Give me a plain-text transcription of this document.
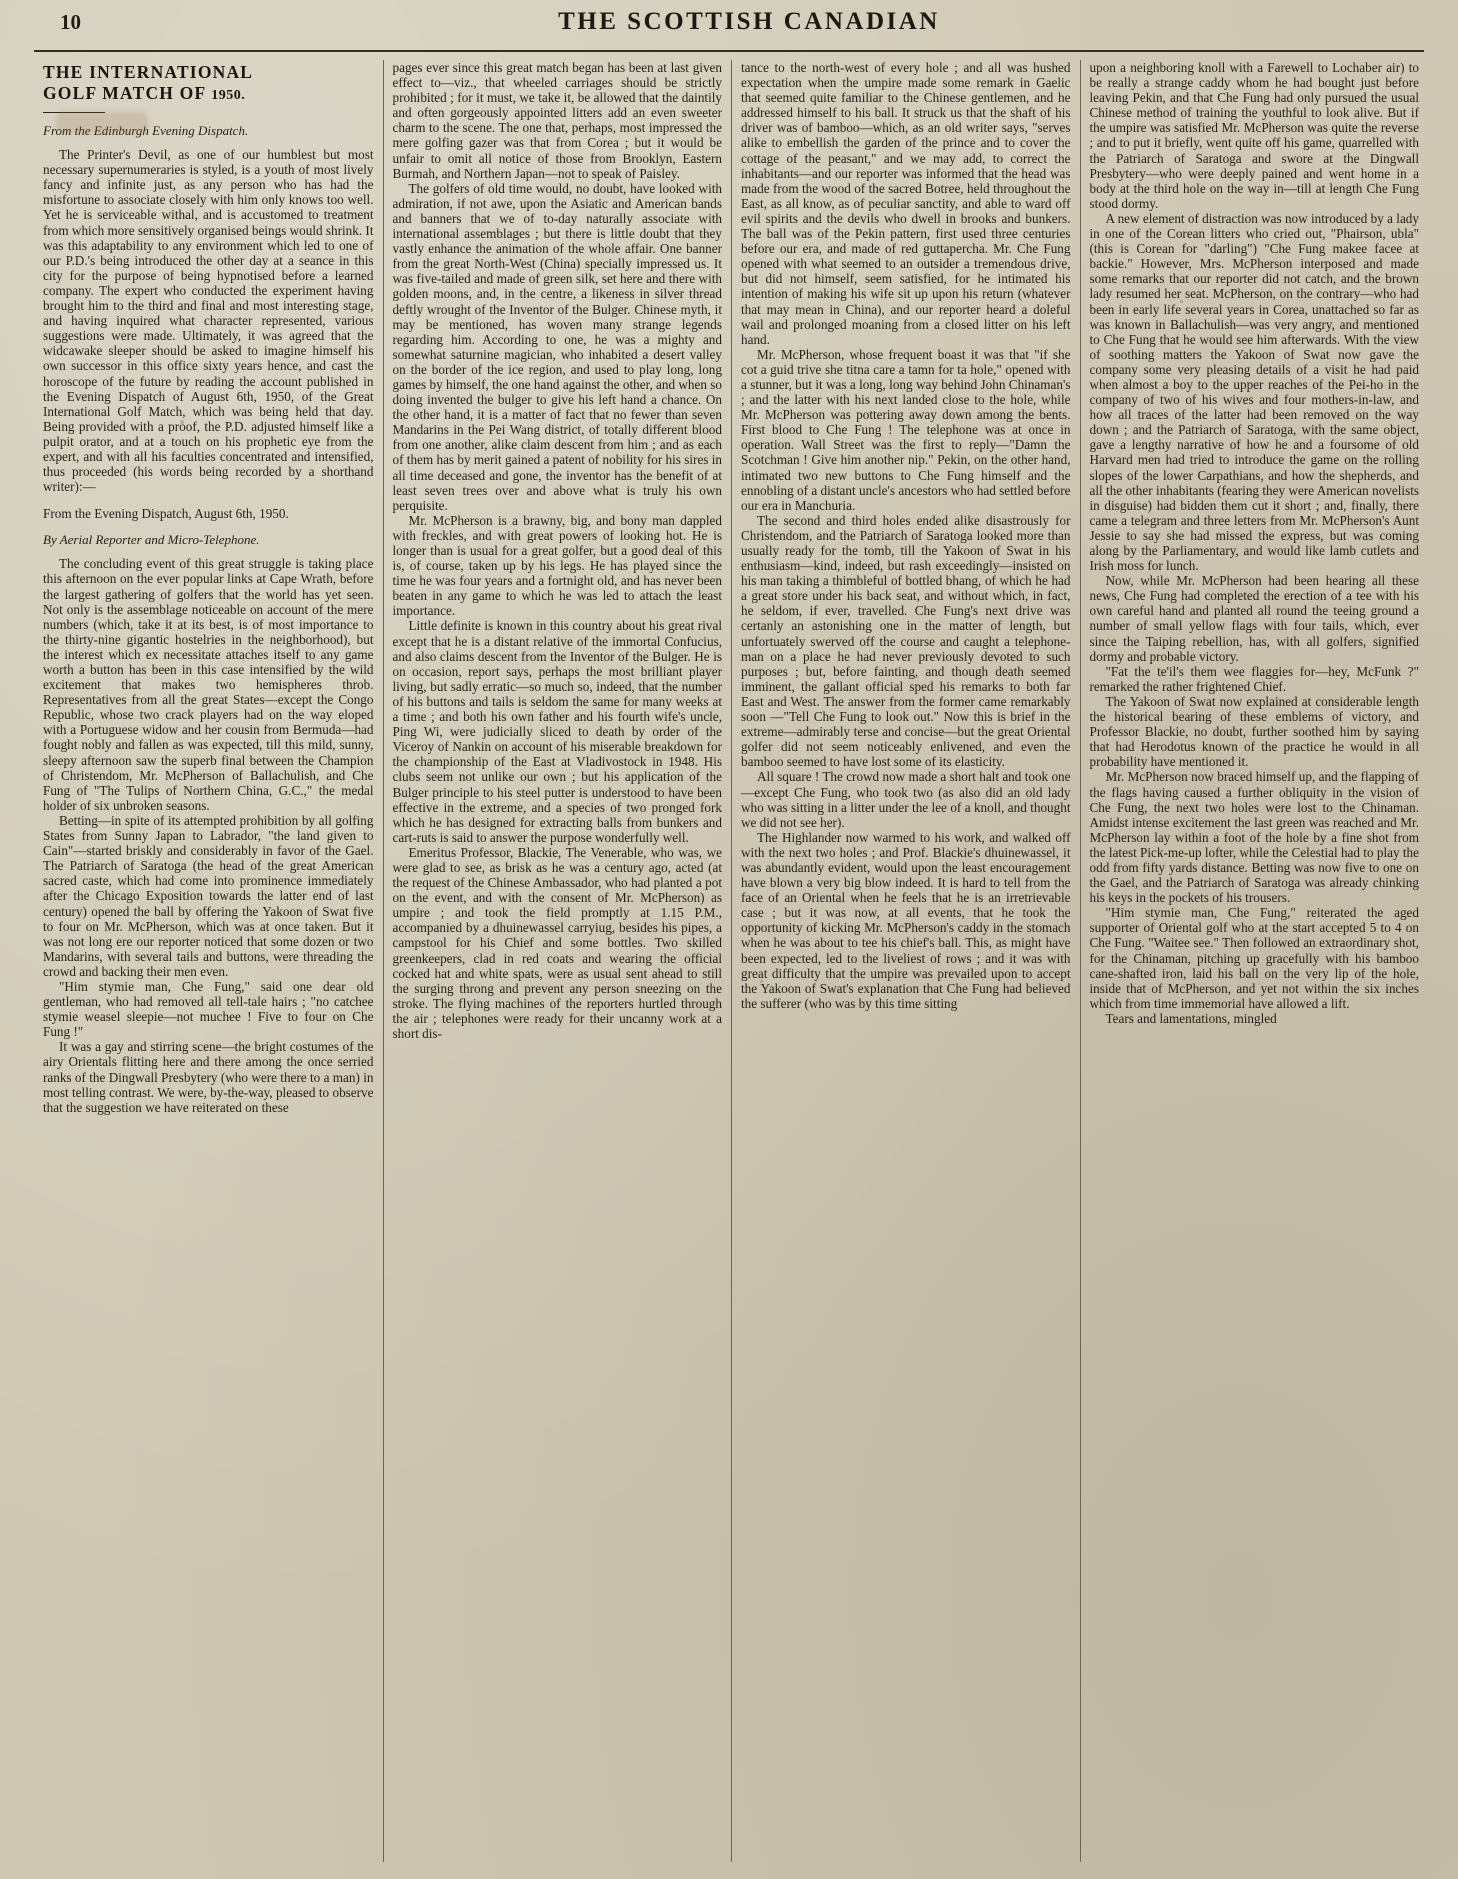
10	THE SCOTTISH CANADIAN
THE INTERNATIONAL
GOLF MATCH OF 1950.
From the Edinburgh Evening Dispatch.

The Printer's Devil, as one of our humblest but most necessary supernumeraries is styled, is a youth of most lively fancy and infinite just, as any person who has had the misfortune to associate closely with him only knows too well. Yet he is serviceable withal, and is accustomed to treatment from which more sensitively organised beings would shrink. It was this adaptability to any environment which led to one of our P.D.'s being introduced the other day at a seance in this city for the purpose of being hypnotised before a learned company. The expert who conducted the experiment having brought him to the third and final and most interesting stage, and having inquired what character represented, various suggestions were made. Ultimately, it was agreed that the widcawake sleeper should be asked to imagine himself his own successor in this office sixty years hence, and cast the horoscope of the future by reading the account published in the Evening Dispatch of August 6th, 1950, of the Great International Golf Match, which was being held that day. Being provided with a proof, the P.D. adjusted himself like a pulpit orator, and at a touch on his prophetic eye from the expert, and with all his faculties concentrated and intensified, thus proceeded (his words being recorded by a shorthand writer):—

From the Evening Dispatch, August 6th, 1950.
By Aerial Reporter and Micro-Telephone.

The concluding event of this great struggle is taking place this afternoon on the ever popular links at Cape Wrath, before the largest gathering of golfers that the world has yet seen. Not only is the assemblage noticeable on account of the mere numbers (which, take it at its best, is of most importance to the thirty-nine gigantic hostelries in the neighborhood), but the interest which ex necessitate attaches itself to any game worth a button has been in this case intensified by the wild excitement that makes two hemispheres throb. Representatives from all the great States—except the Congo Republic, whose two crack players had on the way eloped with a Portuguese widow and her cousin from Bermuda—had fought nobly and fallen as was expected, till this mild, sunny, sleepy afternoon saw the superb final between the Champion of Christendom, Mr. McPherson of Ballachulish, and Che Fung of "The Tulips of Northern China, G.C.," the medal holder of six unbroken seasons.

Betting—in spite of its attempted prohibition by all golfing States from Sunny Japan to Labrador, "the land given to Cain"—started briskly and considerably in favor of the Gael. The Patriarch of Saratoga (the head of the great American sacred caste, which had come into prominence immediately after the Chicago Exposition towards the latter end of last century) opened the ball by offering the Yakoon of Swat five to four on Mr. McPherson, which was at once taken. But it was not long ere our reporter noticed that some dozen or two Mandarins, with several tails and buttons, were threading the crowd and backing their men even.

"Him stymie man, Che Fung," said one dear old gentleman, who had removed all tell-tale hairs ; "no catchee stymie weasel sleepie—not muchee ! Five to four on Che Fung !"

It was a gay and stirring scene—the bright costumes of the airy Orientals flitting here and there among the once serried ranks of the Dingwall Presbytery (who were there to a man) in most telling contrast. We were, by-the-way, pleased to observe that the suggestion we have reiterated on these

pages ever since this great match began has been at last given effect to—viz., that wheeled carriages should be strictly prohibited ; for it must, we take it, be allowed that the daintily and often gorgeously appointed litters add an even sweeter charm to the scene. The one that, perhaps, most impressed the mere golfing gazer was that from Corea ; but it would be unfair to omit all notice of those from Brooklyn, Eastern Burmah, and Northern Japan—not to speak of Paisley.

The golfers of old time would, no doubt, have looked with admiration, if not awe, upon the Asiatic and American bands and banners that we of to-day naturally associate with international assemblages ; but there is little doubt that they vastly enhance the animation of the whole affair. One banner from the great North-West (China) specially impressed us. It was five-tailed and made of green silk, set here and there with golden moons, and, in the centre, a likeness in silver thread deftly wrought of the Inventor of the Bulger. Chinese myth, it may be mentioned, has woven many strange legends regarding him. According to one, he was a mighty and somewhat saturnine magician, who inhabited a desert valley on the border of the ice region, and used to play long, long games by himself, the one hand against the other, and when so doing invented the bulger to give his left hand a chance. On the other hand, it is a matter of fact that no fewer than seven Mandarins in the Pei Wang district, of totally different blood from one another, alike claim descent from him ; and as each of them has by merit gained a patent of nobility for his sires in all time deceased and gone, the inventor has the benefit of at least seven trees over and above what is truly his own perquisite.

Mr. McPherson is a brawny, big, and bony man dappled with freckles, and with great powers of looking hot. He is longer than is usual for a great golfer, but a good deal of this is, of course, taken up by his legs. He has played since the time he was four years and a fortnight old, and has never been beaten in any game to which he was led to attach the least importance.

Little definite is known in this country about his great rival except that he is a distant relative of the immortal Confucius, and also claims descent from the Inventor of the Bulger. He is on occasion, report says, perhaps the most brilliant player living, but sadly erratic—so much so, indeed, that the number of his buttons and tails is seldom the same for many weeks at a time ; and both his own father and his fourth wife's uncle, Ping Wi, were judicially sliced to death by order of the Viceroy of Nankin on account of his miserable breakdown for the championship of the East at Vladivostock in 1948. His clubs seem not unlike our own ; but his application of the Bulger principle to his steel putter is understood to have been effective in the extreme, and a species of two pronged fork which he has designed for extracting balls from bunkers and cart-ruts is said to answer the purpose wonderfully well.

Emeritus Professor, Blackie, The Venerable, who was, we were glad to see, as brisk as he was a century ago, acted (at the request of the Chinese Ambassador, who had planted a pot on the event, and with the consent of Mr. McPherson) as umpire ; and took the field promptly at 1.15 P.M., accompanied by a dhuinewassel carryiug, besides his pipes, a campstool for his Chief and some bottles. Two skilled greenkeepers, clad in red coats and wearing the official cocked hat and white spats, were as usual sent ahead to still the surging throng and prevent any person sneezing on the stroke. The flying machines of the reporters hurtled through the air ; telephones were ready for their uncanny work at a short dis-

tance to the north-west of every hole ; and all was hushed expectation when the umpire made some remark in Gaelic that seemed quite familiar to the Chinese gentlemen, and he addressed himself to his ball. It struck us that the shaft of his driver was of bamboo—which, as an old writer says, "serves alike to embellish the garden of the prince and to cover the cottage of the peasant," and we may add, to correct the inhabitants—and our reporter was informed that the head was made from the wood of the sacred Botree, held throughout the East, as all know, as of peculiar sanctity, and able to ward off evil spirits and the devils who dwell in brooks and bunkers. The ball was of the Pekin pattern, first used three centuries before our era, and made of red guttapercha. Mr. Che Fung opened with what seemed to an outsider a tremendous drive, but did not himself, seem satisfied, for he intimated his intention of making his wife sit up upon his return (whatever that may mean in China), and our reporter heard a doleful wail and prolonged moaning from a closed litter on his left hand.

Mr. McPherson, whose frequent boast it was that "if she cot a guid trive she titna care a tamn for ta hole," opened with a stunner, but it was a long, long way behind John Chinaman's ; and the latter with his next landed close to the hole, while Mr. McPherson was pottering away down among the bents. First blood to Che Fung ! The telephone was at once in operation. Wall Street was the first to reply—"Damn the Scotchman ! Give him another nip." Pekin, on the other hand, intimated two new buttons to Che Fung himself and the ennobling of a distant uncle's ancestors who had settled before our era in Manchuria.

The second and third holes ended alike disastrously for Christendom, and the Patriarch of Saratoga looked more than usually ready for the tomb, till the Yakoon of Swat in his enthusiasm—kind, indeed, but rash exceedingly—insisted on his man taking a thimbleful of bottled bhang, of which he had a great store under his back seat, and without which, in fact, he seldom, if ever, travelled. Che Fung's next drive was certanly an astonishing one in the matter of length, but unfortuately swerved off the course and caught a telephone-man on a place he had never previously devoted to such purposes ; but, before fainting, and though death seemed imminent, the gallant official sped his remarks to both far East and West. The answer from the former came remarkably soon —"Tell Che Fung to look out." Now this is brief in the extreme—admirably terse and concise—but the great Oriental golfer did not seem noticeably enlivened, and even the bamboo seemed to have lost some of its elasticity.

All square ! The crowd now made a short halt and took one—except Che Fung, who took two (as also did an old lady who was sitting in a litter under the lee of a knoll, and thought we did not see her).

The Highlander now warmed to his work, and walked off with the next two holes ; and Prof. Blackie's dhuinewassel, it was abundantly evident, would upon the least encouragement have blown a very big blow indeed. It is hard to tell from the face of an Oriental when he feels that he is an irretrievable case ; but it was now, at all events, that he took the opportunity of kicking Mr. McPherson's caddy in the stomach when he was about to tee his chief's ball. This, as might have been expected, led to the liveliest of rows ; and it was with great difficulty that the umpire was prevailed upon to accept the Yakoon of Swat's explanation that Che Fung had believed the sufferer (who was by this time sitting

upon a neighboring knoll with a Farewell to Lochaber air) to be really a strange caddy whom he had bought just before leaving Pekin, and that Che Fung had only pursued the usual Chinese method of training the youthful to look alive. But if the umpire was satisfied Mr. McPherson was quite the reverse ; and to put it briefly, went quite off his game, quarrelled with the Patriarch of Saratoga and swore at the Dingwall Presbytery—who were deeply pained and went home in a body at the third hole on the way in—till at length Che Fung stood dormy.

A new element of distraction was now introduced by a lady in one of the Corean litters who cried out, "Phairson, ubla" (this is Corean for "darling") "Che Fung makee facee at backie." However, Mrs. McPherson interposed and made some remarks that our reporter did not catch, and the brown lady resumed her seat. McPherson, on the contrary—who had been in early life several years in Corea, unattached so far as was known in Ballachulish—was very angry, and mentioned to Che Fung that he would see him afterwards. With the view of soothing matters the Yakoon of Swat now gave the company some very pleasing details of a visit he had paid when almost a boy to the upper reaches of the Pei-ho in the company of two of his wives and four mothers-in-law, and how all traces of the latter had been removed on the way down ; and the Patriarch of Saratoga, with the same object, gave a lengthy narrative of how he and a foursome of old Harvard men had tried to introduce the game on the rolling slopes of the lower Carpathians, and how the shepherds, and all the other inhabitants (fearing they were American novelists in disguise) had bidden them cut it short ; and, finally, there came a telegram and three letters from Mr. McPherson's Aunt Jessie to say she had missed the express, but was coming along by the Parliamentary, and would like lamb cutlets and Irish moss for lunch.

Now, while Mr. McPherson had been hearing all these news, Che Fung had completed the erection of a tee with his own careful hand and planted all round the teeing ground a number of small yellow flags with four tails, which, ever since the Taiping rebellion, has, with all golfers, signified dormy and probable victory.

"Fat the te'il's them wee flaggies for—hey, McFunk ?" remarked the rather frightened Chief.

The Yakoon of Swat now explained at considerable length the historical bearing of these emblems of victory, and Professor Blackie, no doubt, further soothed him by saying that had Herodotus known of the practice he would in all probability have mentioned it.

Mr. McPherson now braced himself up, and the flapping of the flags having caused a further obliquity in the vision of Che Fung, the next two holes were lost to the Chinaman. Amidst intense excitement the last green was reached and Mr. McPherson lay within a foot of the hole by a fine shot from the latest Pick-me-up lofter, while the Celestial had to play the odd from fifty yards distance. Betting was now five to one on the Gael, and the Patriarch of Saratoga was already chinking his keys in the pockets of his trousers.

"Him stymie man, Che Fung," reiterated the aged supporter of Oriental golf who at the start accepted 5 to 4 on Che Fung. "Waitee see." Then followed an extraordinary shot, for the Chinaman, pitching up gracefully with his bamboo cane-shafted iron, laid his ball on the very lip of the hole, inside that of McPherson, and yet not within the six inches which from time immemorial have allowed a lift.

Tears and lamentations, mingled
